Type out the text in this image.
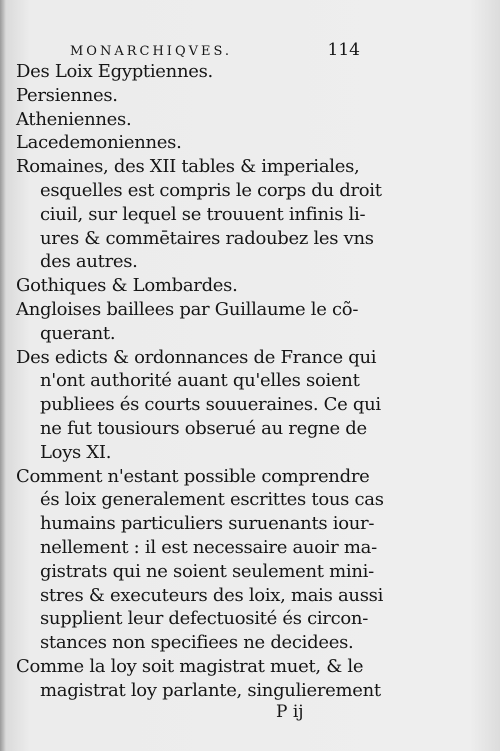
MONARCHIQVES.	114
Des Loix Egyptiennes.
Persiennes.
Atheniennes.
Lacedemoniennes.
Romaines, des XII tables & imperiales,
esquelles est compris le corps du droit
ciuil, sur lequel se trouuent infinis li-
ures & commētaires radoubez les vns
des autres.
Gothiques & Lombardes.
Angloises baillees par Guillaume le cõ-
querant.
Des edicts & ordonnances de France qui
n'ont authorité auant qu'elles soient
publiees és courts souueraines. Ce qui
ne fut tousiours obserué au regne de
Loys XI.
Comment n'estant possible comprendre
és loix generalement escrittes tous cas
humains particuliers suruenants iour-
nellement : il est necessaire auoir ma-
gistrats qui ne soient seulement mini-
stres & executeurs des loix, mais aussi
supplient leur defectuosité és circon-
stances non specifiees ne decidees.
Comme la loy soit magistrat muet, & le
magistrat loy parlante, singulierement
P ij
